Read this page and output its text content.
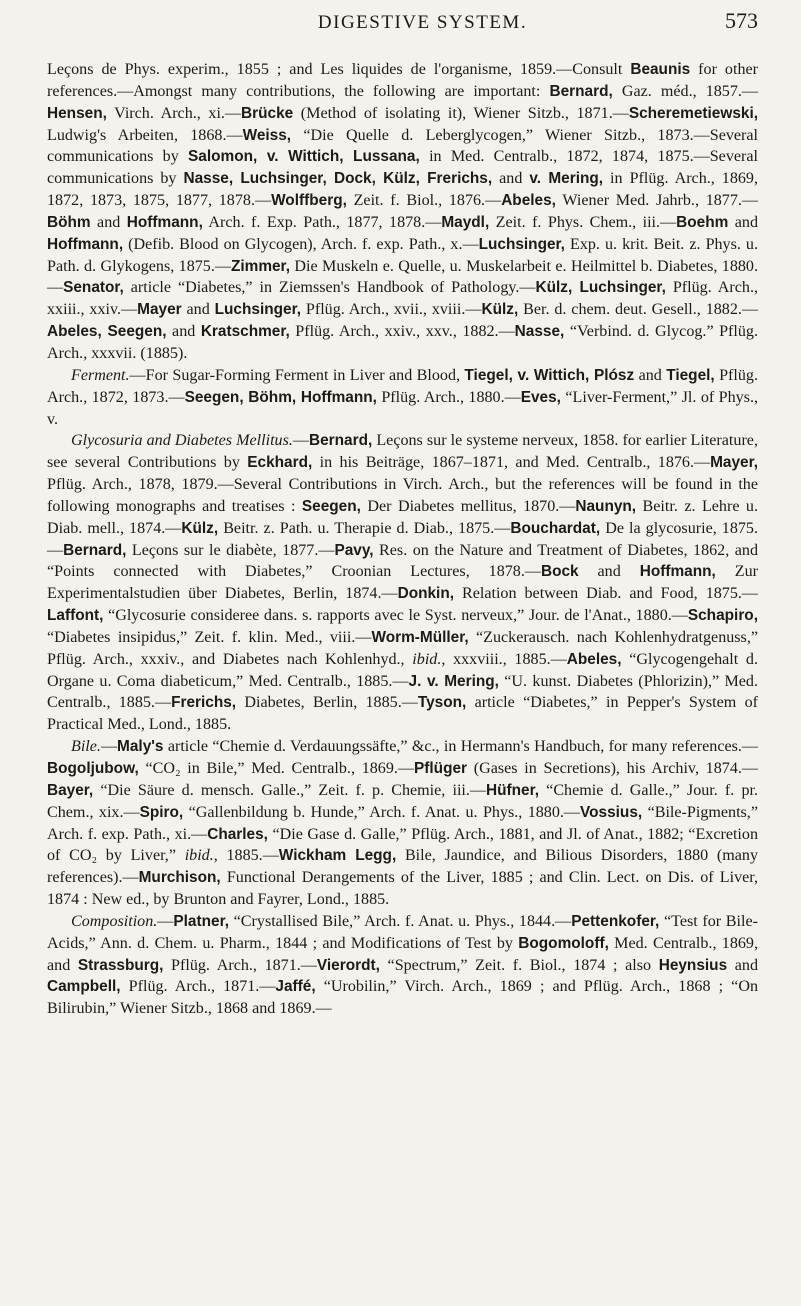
DIGESTIVE SYSTEM.	573

Leçons de Phys. experim., 1855 ; and Les liquides de l'organisme, 1859.—Consult Beaunis for other references.—Amongst many contributions, the following are important: Bernard, Gaz. méd., 1857.—Hensen, Virch. Arch., xi.—Brücke (Method of isolating it), Wiener Sitzb., 1871.—Scheremetiewski, Ludwig's Arbeiten, 1868.—Weiss, “Die Quelle d. Leberglycogen,” Wiener Sitzb., 1873.—Several communications by Salomon, v. Wittich, Lussana, in Med. Centralb., 1872, 1874, 1875.—Several communications by Nasse, Luchsinger, Dock, Külz, Frerichs, and v. Mering, in Pflüg. Arch., 1869, 1872, 1873, 1875, 1877, 1878.—Wolffberg, Zeit. f. Biol., 1876.—Abeles, Wiener Med. Jahrb., 1877.—Böhm and Hoffmann, Arch. f. Exp. Path., 1877, 1878.—Maydl, Zeit. f. Phys. Chem., iii.—Boehm and Hoffmann, (Defib. Blood on Glycogen), Arch. f. exp. Path., x.—Luchsinger, Exp. u. krit. Beit. z. Phys. u. Path. d. Glykogens, 1875.—Zimmer, Die Muskeln e. Quelle, u. Muskelarbeit e. Heilmittel b. Diabetes, 1880.—Senator, article “Diabetes,” in Ziemssen's Handbook of Pathology.—Külz, Luchsinger, Pflüg. Arch., xxiii., xxiv.—Mayer and Luchsinger, Pflüg. Arch., xvii., xviii.—Külz, Ber. d. chem. deut. Gesell., 1882.—Abeles, Seegen, and Kratschmer, Pflüg. Arch., xxiv., xxv., 1882.—Nasse, “Verbind. d. Glycog.” Pflüg. Arch., xxxvii. (1885).

Ferment.—For Sugar-Forming Ferment in Liver and Blood, Tiegel, v. Wittich, Plósz and Tiegel, Pflüg. Arch., 1872, 1873.—Seegen, Böhm, Hoffmann, Pflüg. Arch., 1880.—Eves, “Liver-Ferment,” Jl. of Phys., v.

Glycosuria and Diabetes Mellitus.—Bernard, Leçons sur le systeme nerveux, 1858. for earlier Literature, see several Contributions by Eckhard, in his Beiträge, 1867–1871, and Med. Centralb., 1876.—Mayer, Pflüg. Arch., 1878, 1879.—Several Contributions in Virch. Arch., but the references will be found in the following monographs and treatises : Seegen, Der Diabetes mellitus, 1870.—Naunyn, Beitr. z. Lehre u. Diab. mell., 1874.—Külz, Beitr. z. Path. u. Therapie d. Diab., 1875.—Bouchardat, De la glycosurie, 1875.—Bernard, Leçons sur le diabète, 1877.—Pavy, Res. on the Nature and Treatment of Diabetes, 1862, and “Points connected with Diabetes,” Croonian Lectures, 1878.—Bock and Hoffmann, Zur Experimentalstudien über Diabetes, Berlin, 1874.—Donkin, Relation between Diab. and Food, 1875.—Laffont, “Glycosurie consideree dans. s. rapports avec le Syst. nerveux,” Jour. de l'Anat., 1880.—Schapiro, “Diabetes insipidus,” Zeit. f. klin. Med., viii.—Worm-Müller, “Zuckerausch. nach Kohlenhydratgenuss,” Pflüg. Arch., xxxiv., and Diabetes nach Kohlenhyd., ibid., xxxviii., 1885.—Abeles, “Glycogengehalt d. Organe u. Coma diabeticum,” Med. Centralb., 1885.—J. v. Mering, “U. kunst. Diabetes (Phlorizin),” Med. Centralb., 1885.—Frerichs, Diabetes, Berlin, 1885.—Tyson, article “Diabetes,” in Pepper's System of Practical Med., Lond., 1885.

Bile.—Maly's article “Chemie d. Verdauungssäfte,” &c., in Hermann's Handbuch, for many references.—Bogoljubow, “CO₂ in Bile,” Med. Centralb., 1869.—Pflüger (Gases in Secretions), his Archiv, 1874.—Bayer, “Die Säure d. mensch. Galle.,” Zeit. f. p. Chemie, iii.—Hüfner, “Chemie d. Galle.,” Jour. f. pr. Chem., xix.—Spiro, “Gallenbildung b. Hunde,” Arch. f. Anat. u. Phys., 1880.—Vossius, “Bile-Pigments,” Arch. f. exp. Path., xi.—Charles, “Die Gase d. Galle,” Pflüg. Arch., 1881, and Jl. of Anat., 1882; “Excretion of CO₂ by Liver,” ibid., 1885.—Wickham Legg, Bile, Jaundice, and Bilious Disorders, 1880 (many references).—Murchison, Functional Derangements of the Liver, 1885 ; and Clin. Lect. on Dis. of Liver, 1874 : New ed., by Brunton and Fayrer, Lond., 1885.

Composition.—Platner, “Crystallised Bile,” Arch. f. Anat. u. Phys., 1844.—Pettenkofer, “Test for Bile-Acids,” Ann. d. Chem. u. Pharm., 1844 ; and Modifications of Test by Bogomoloff, Med. Centralb., 1869, and Strassburg, Pflüg. Arch., 1871.—Vierordt, “Spectrum,” Zeit. f. Biol., 1874 ; also Heynsius and Campbell, Pflüg. Arch., 1871.—Jaffé, “Urobilin,” Virch. Arch., 1869 ; and Pflüg. Arch., 1868 ; “On Bilirubin,” Wiener Sitzb., 1868 and 1869.—
